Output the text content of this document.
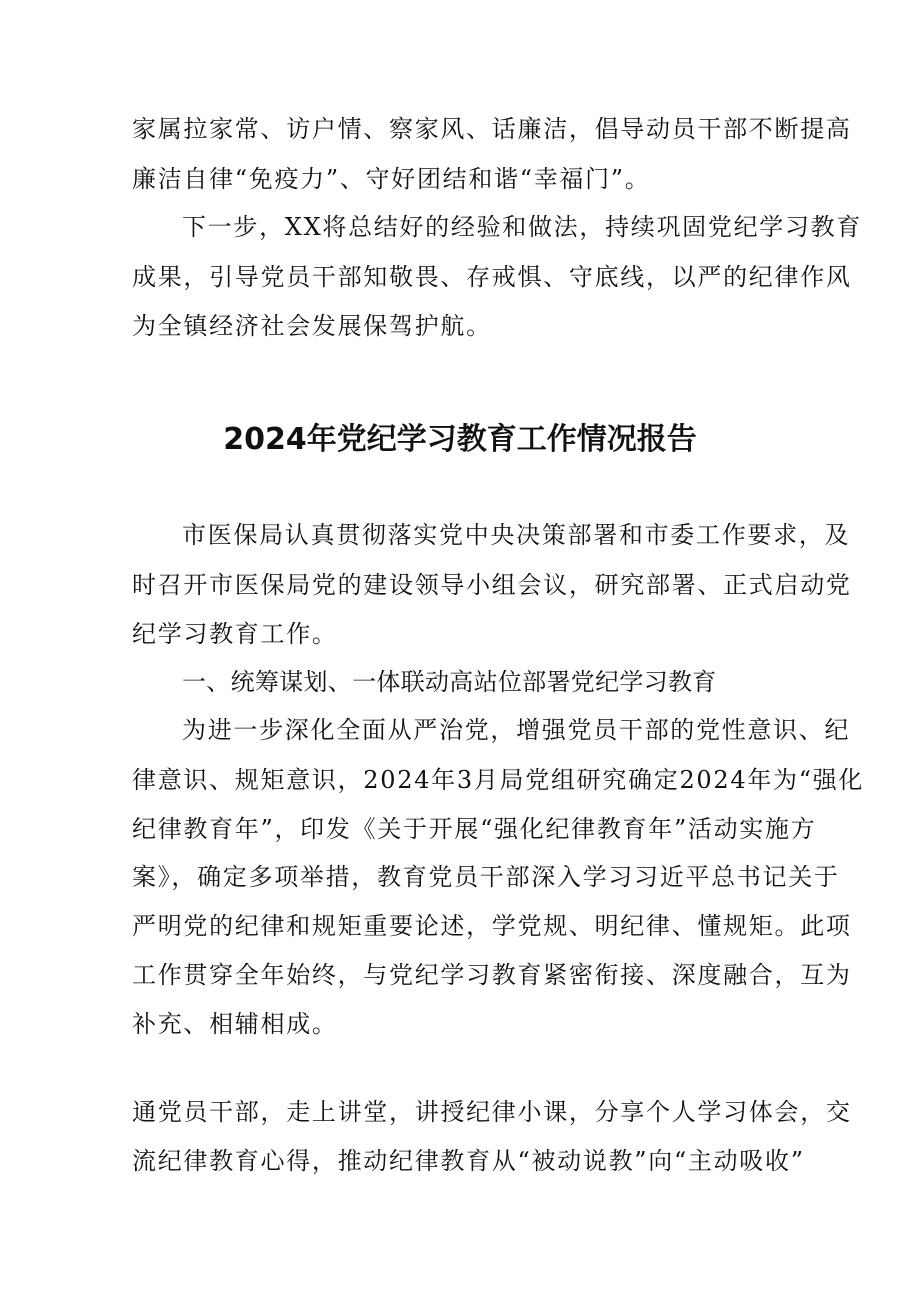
家属拉家常、访户情、察家风、话廉洁，倡导动员干部不断提高

廉洁自律“免疫力”、守好团结和谐“幸福门”。

下一步，XX将总结好的经验和做法，持续巩固党纪学习教育

成果，引导党员干部知敬畏、存戒惧、守底线，以严的纪律作风

为全镇经济社会发展保驾护航。

2024年党纪学习教育工作情况报告

市医保局认真贯彻落实党中央决策部署和市委工作要求，及

时召开市医保局党的建设领导小组会议，研究部署、正式启动党

纪学习教育工作。

一、统筹谋划、一体联动高站位部署党纪学习教育

为进一步深化全面从严治党，增强党员干部的党性意识、纪

律意识、规矩意识，2024年3月局党组研究确定2024年为“强化

纪律教育年”，印发《关于开展“强化纪律教育年”活动实施方

案》，确定多项举措，教育党员干部深入学习习近平总书记关于

严明党的纪律和规矩重要论述，学党规、明纪律、懂规矩。此项

工作贯穿全年始终，与党纪学习教育紧密衔接、深度融合，互为

补充、相辅相成。

通党员干部，走上讲堂，讲授纪律小课，分享个人学习体会，交

流纪律教育心得，推动纪律教育从“被动说教”向“主动吸收”
